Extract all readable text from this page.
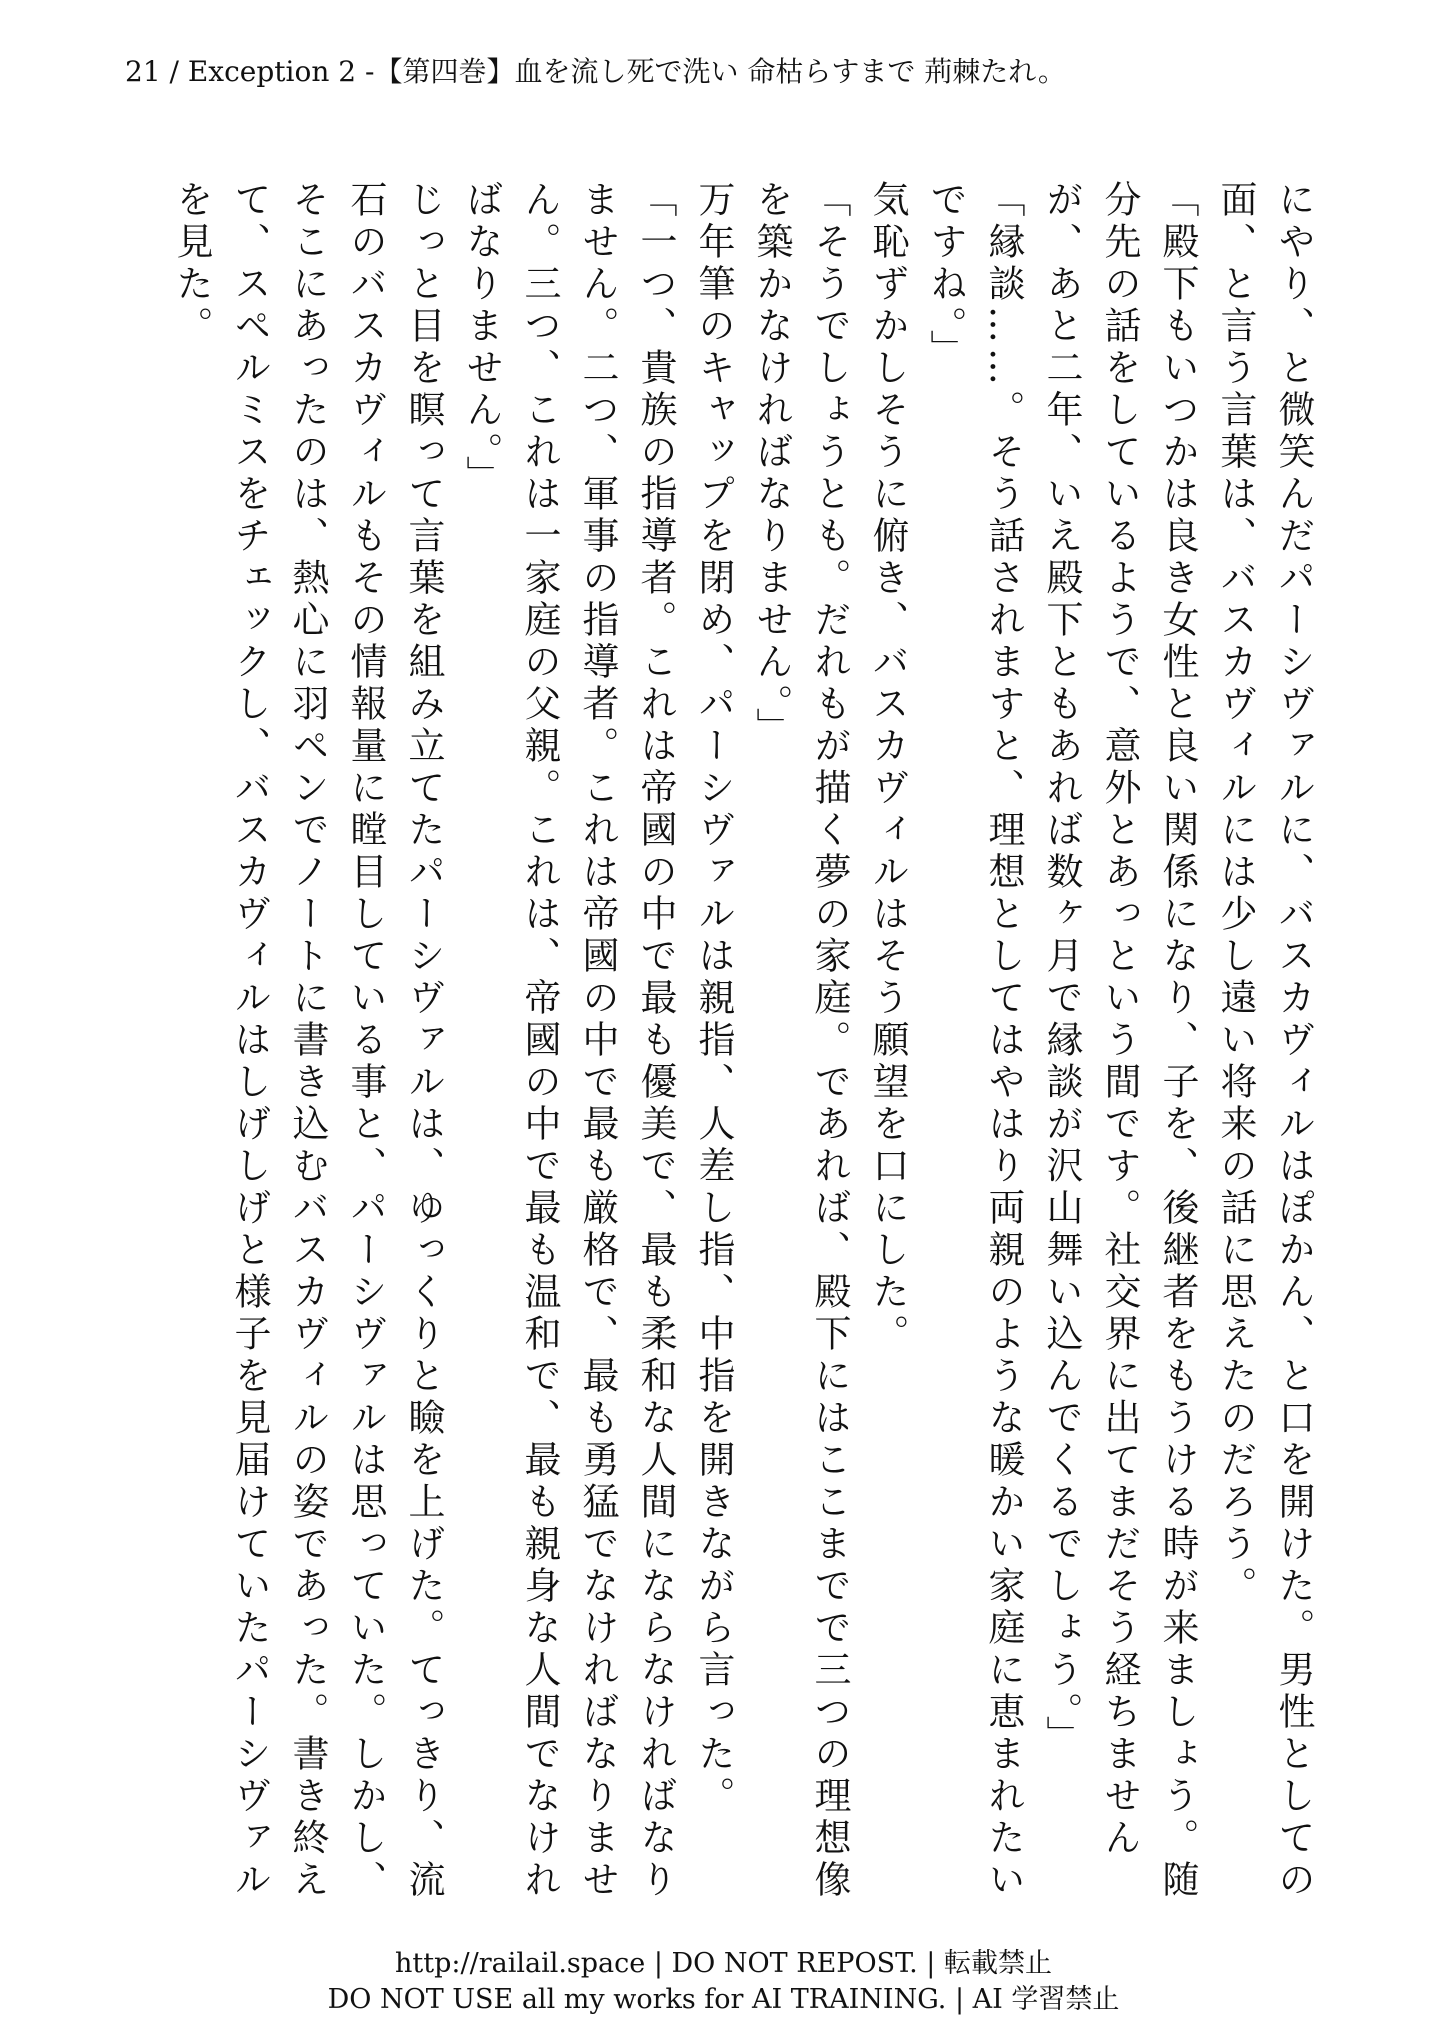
21 / Exception 2 -【第四巻】血を流し死で洗い 命枯らすまで 荊棘たれ。

にやり、と微笑んだパーシヴァルに、バスカヴィルはぽかん、と口を開けた。男性としての面、と言う言葉は、バスカヴィルには少し遠い将来の話に思えたのだろう。

「殿下もいつかは良き女性と良い関係になり、子を、後継者をもうける時が来ましょう。随分先の話をしているようで、意外とあっという間です。社交界に出てまだそう経ちませんが、あと二年、いえ殿下ともあれば数ヶ月で縁談が沢山舞い込んでくるでしょう。」

「縁談……。そう話されますと、理想としてはやはり両親のような暖かい家庭に恵まれたいですね。」

気恥ずかしそうに俯き、バスカヴィルはそう願望を口にした。

「そうでしょうとも。だれもが描く夢の家庭。であれば、殿下にはここまでで三つの理想像を築かなければなりません。」

万年筆のキャップを閉め、パーシヴァルは親指、人差し指、中指を開きながら言った。

「一つ、貴族の指導者。これは帝國の中で最も優美で、最も柔和な人間にならなければなりません。二つ、軍事の指導者。これは帝國の中で最も厳格で、最も勇猛でなければなりません。三つ、これは一家庭の父親。これは、帝國の中で最も温和で、最も親身な人間でなければなりません。」

じっと目を瞑って言葉を組み立てたパーシヴァルは、ゆっくりと瞼を上げた。てっきり、流石のバスカヴィルもその情報量に瞠目している事と、パーシヴァルは思っていた。しかし、そこにあったのは、熱心に羽ペンでノートに書き込むバスカヴィルの姿であった。書き終えて、スペルミスをチェックし、バスカヴィルはしげしげと様子を見届けていたパーシヴァルを見た。

http://railail.space | DO NOT REPOST. | 転載禁止
DO NOT USE all my works for AI TRAINING. | AI 学習禁止
